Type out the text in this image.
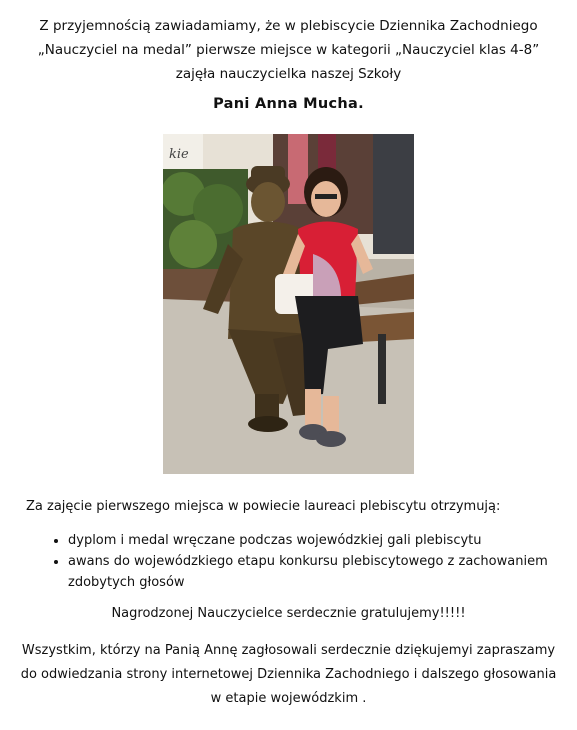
Z przyjemnością zawiadamiamy, że w plebiscycie Dziennika Zachodniego

„Nauczyciel na medal” pierwsze miejsce w kategorii „Nauczyciel klas 4-8”

zajęła nauczycielka naszej Szkoły

Pani Anna Mucha.
kie
Za zajęcie pierwszego miejsca w powiecie laureaci plebiscytu otrzymują:
• dyplom i medal wręczane podczas wojewódzkiej gali plebiscytu
• awans do wojewódzkiego etapu konkursu plebiscytowego z zachowaniem zdobytych głosów
Nagrodzonej Nauczycielce serdecznie gratulujemy!!!!!
Wszystkim, którzy na Panią Annę zagłosowali serdecznie dziękujemyi zapraszamy
do odwiedzania strony internetowej Dziennika Zachodniego i dalszego głosowania
w etapie wojewódzkim .
